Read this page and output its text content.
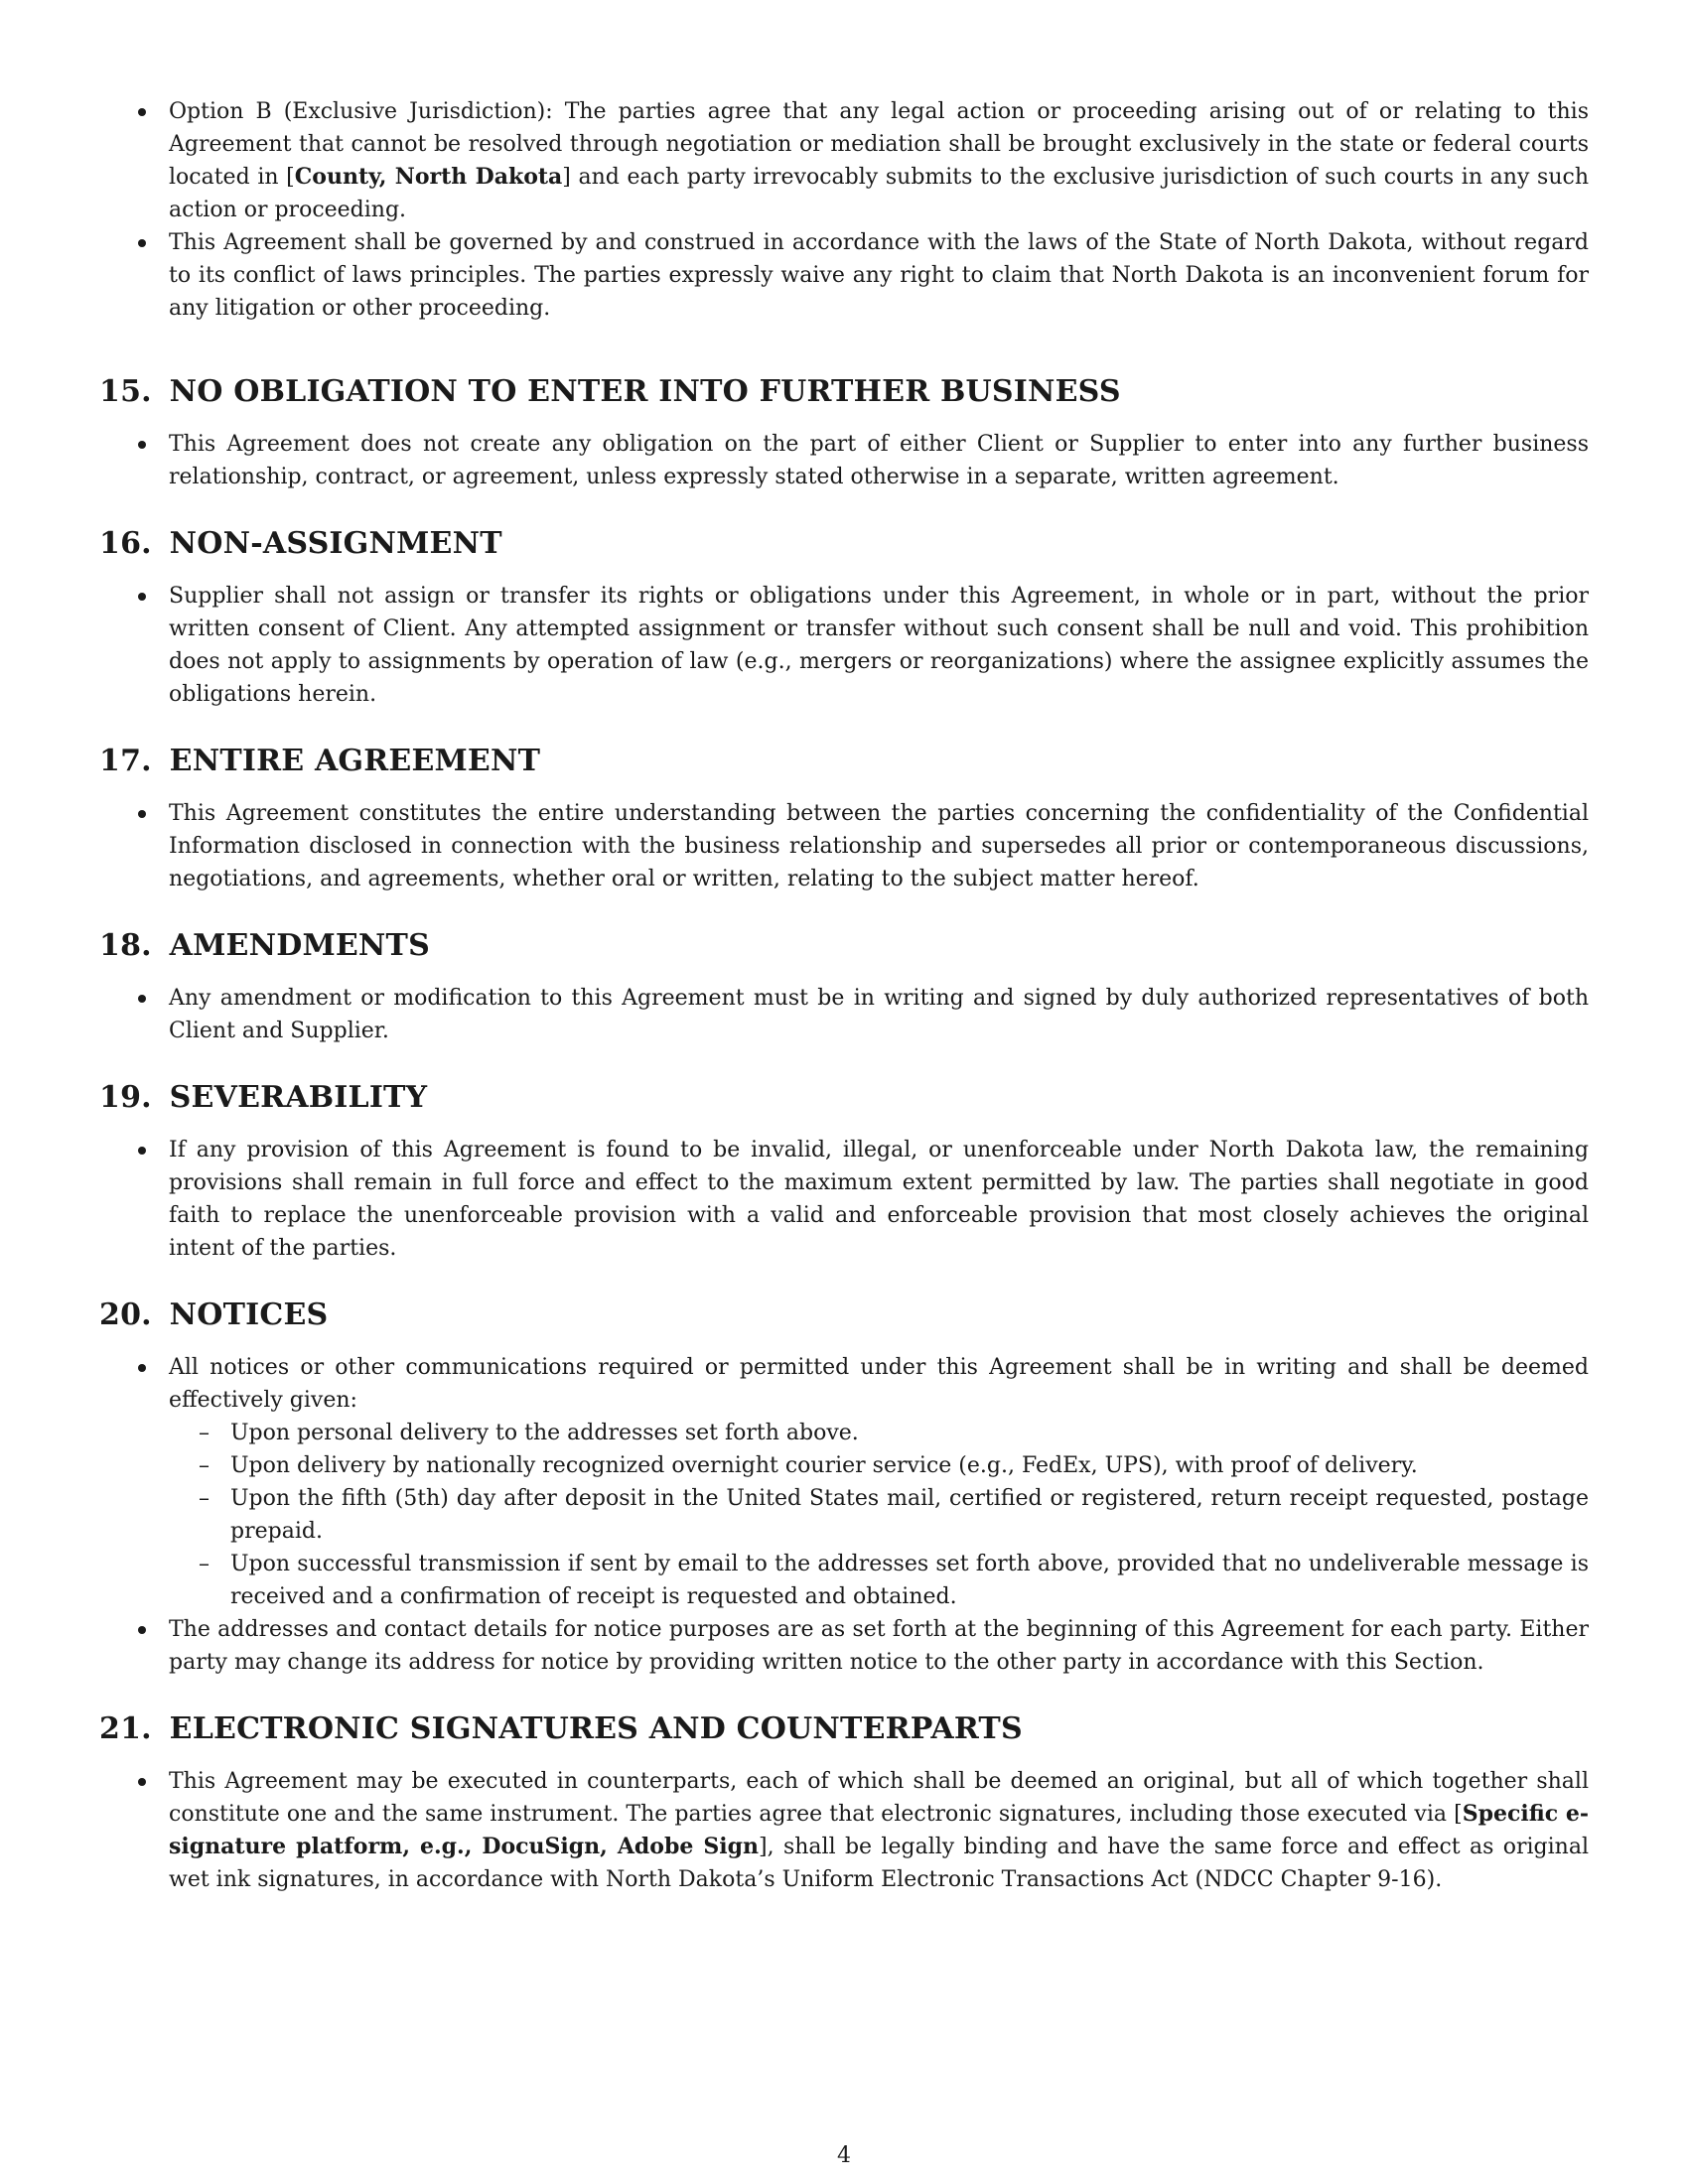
Option B (Exclusive Jurisdiction): The parties agree that any legal action or proceeding arising out of or relating to this Agreement that cannot be resolved through negotiation or mediation shall be brought exclusively in the state or federal courts located in [County, North Dakota] and each party irrevocably submits to the exclusive jurisdiction of such courts in any such action or proceeding.
This Agreement shall be governed by and construed in accordance with the laws of the State of North Dakota, without regard to its conflict of laws principles. The parties expressly waive any right to claim that North Dakota is an inconvenient forum for any litigation or other proceeding.
15. NO OBLIGATION TO ENTER INTO FURTHER BUSINESS
This Agreement does not create any obligation on the part of either Client or Supplier to enter into any further business relationship, contract, or agreement, unless expressly stated otherwise in a separate, written agreement.
16. NON-ASSIGNMENT
Supplier shall not assign or transfer its rights or obligations under this Agreement, in whole or in part, without the prior written consent of Client. Any attempted assignment or transfer without such consent shall be null and void. This prohibition does not apply to assignments by operation of law (e.g., mergers or reorganizations) where the assignee explicitly assumes the obligations herein.
17. ENTIRE AGREEMENT
This Agreement constitutes the entire understanding between the parties concerning the confidentiality of the Confidential Information disclosed in connection with the business relationship and supersedes all prior or contemporaneous discussions, negotiations, and agreements, whether oral or written, relating to the subject matter hereof.
18. AMENDMENTS
Any amendment or modification to this Agreement must be in writing and signed by duly authorized representatives of both Client and Supplier.
19. SEVERABILITY
If any provision of this Agreement is found to be invalid, illegal, or unenforceable under North Dakota law, the remaining provisions shall remain in full force and effect to the maximum extent permitted by law. The parties shall negotiate in good faith to replace the unenforceable provision with a valid and enforceable provision that most closely achieves the original intent of the parties.
20. NOTICES
All notices or other communications required or permitted under this Agreement shall be in writing and shall be deemed effectively given:
– Upon personal delivery to the addresses set forth above.
– Upon delivery by nationally recognized overnight courier service (e.g., FedEx, UPS), with proof of delivery.
– Upon the fifth (5th) day after deposit in the United States mail, certified or registered, return receipt requested, postage prepaid.
– Upon successful transmission if sent by email to the addresses set forth above, provided that no undeliverable message is received and a confirmation of receipt is requested and obtained.
The addresses and contact details for notice purposes are as set forth at the beginning of this Agreement for each party. Either party may change its address for notice by providing written notice to the other party in accordance with this Section.
21. ELECTRONIC SIGNATURES AND COUNTERPARTS
This Agreement may be executed in counterparts, each of which shall be deemed an original, but all of which together shall constitute one and the same instrument. The parties agree that electronic signatures, including those executed via [Specific e-signature platform, e.g., DocuSign, Adobe Sign], shall be legally binding and have the same force and effect as original wet ink signatures, in accordance with North Dakota’s Uniform Electronic Transactions Act (NDCC Chapter 9-16).
4
